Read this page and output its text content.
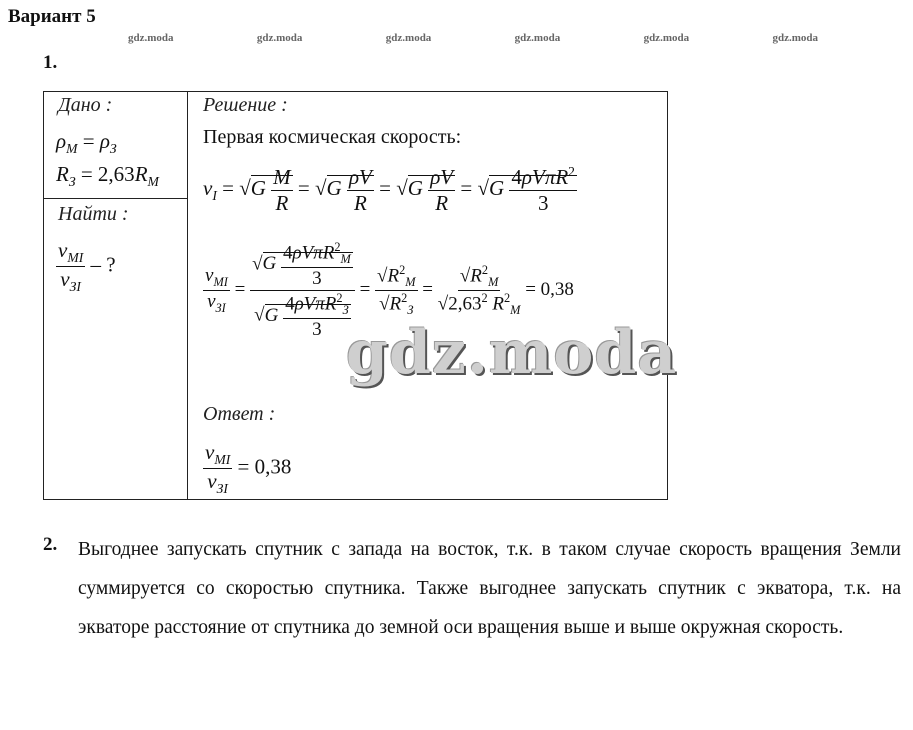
Вариант 5
gdz.moda	gdz.moda	gdz.moda	gdz.moda	gdz.moda	gdz.moda
1.
Дано :
$\rho_M = \rho_З$
$R_З = 2,63R_M$
Найти :
$\frac{v_{MI}}{v_{ЗI}}$ – ?
Решение :
Первая космическая скорость:
$v_I = √G \frac{M}{R} = √G \frac{\rho V}{R} = √G \frac{\rho V}{R} = √G \frac{4\rho V\pi R^2}{3}$
$\frac{v_{MI}}{v_{ЗI}} = \frac{√G \frac{4\rho V\pi R^2_M}{3}}{√G \frac{4\rho V\pi R^2_З}{3}} = \frac{√R^2_M}{√R^2_З} = \frac{√R^2_M}{√2,63^2 R^2_M} = 0,38$
gdz.moda
Ответ :
$\frac{v_{MI}}{v_{ЗI}} = 0,38$
2. Выгоднее запускать спутник с запада на восток, т.к. в таком случае скорость вращения Земли суммируется со скоростью спутника. Также выгоднее запускать спутник с экватора, т.к. на экваторе расстояние от спутника до земной оси вращения выше и выше окружная скорость.
